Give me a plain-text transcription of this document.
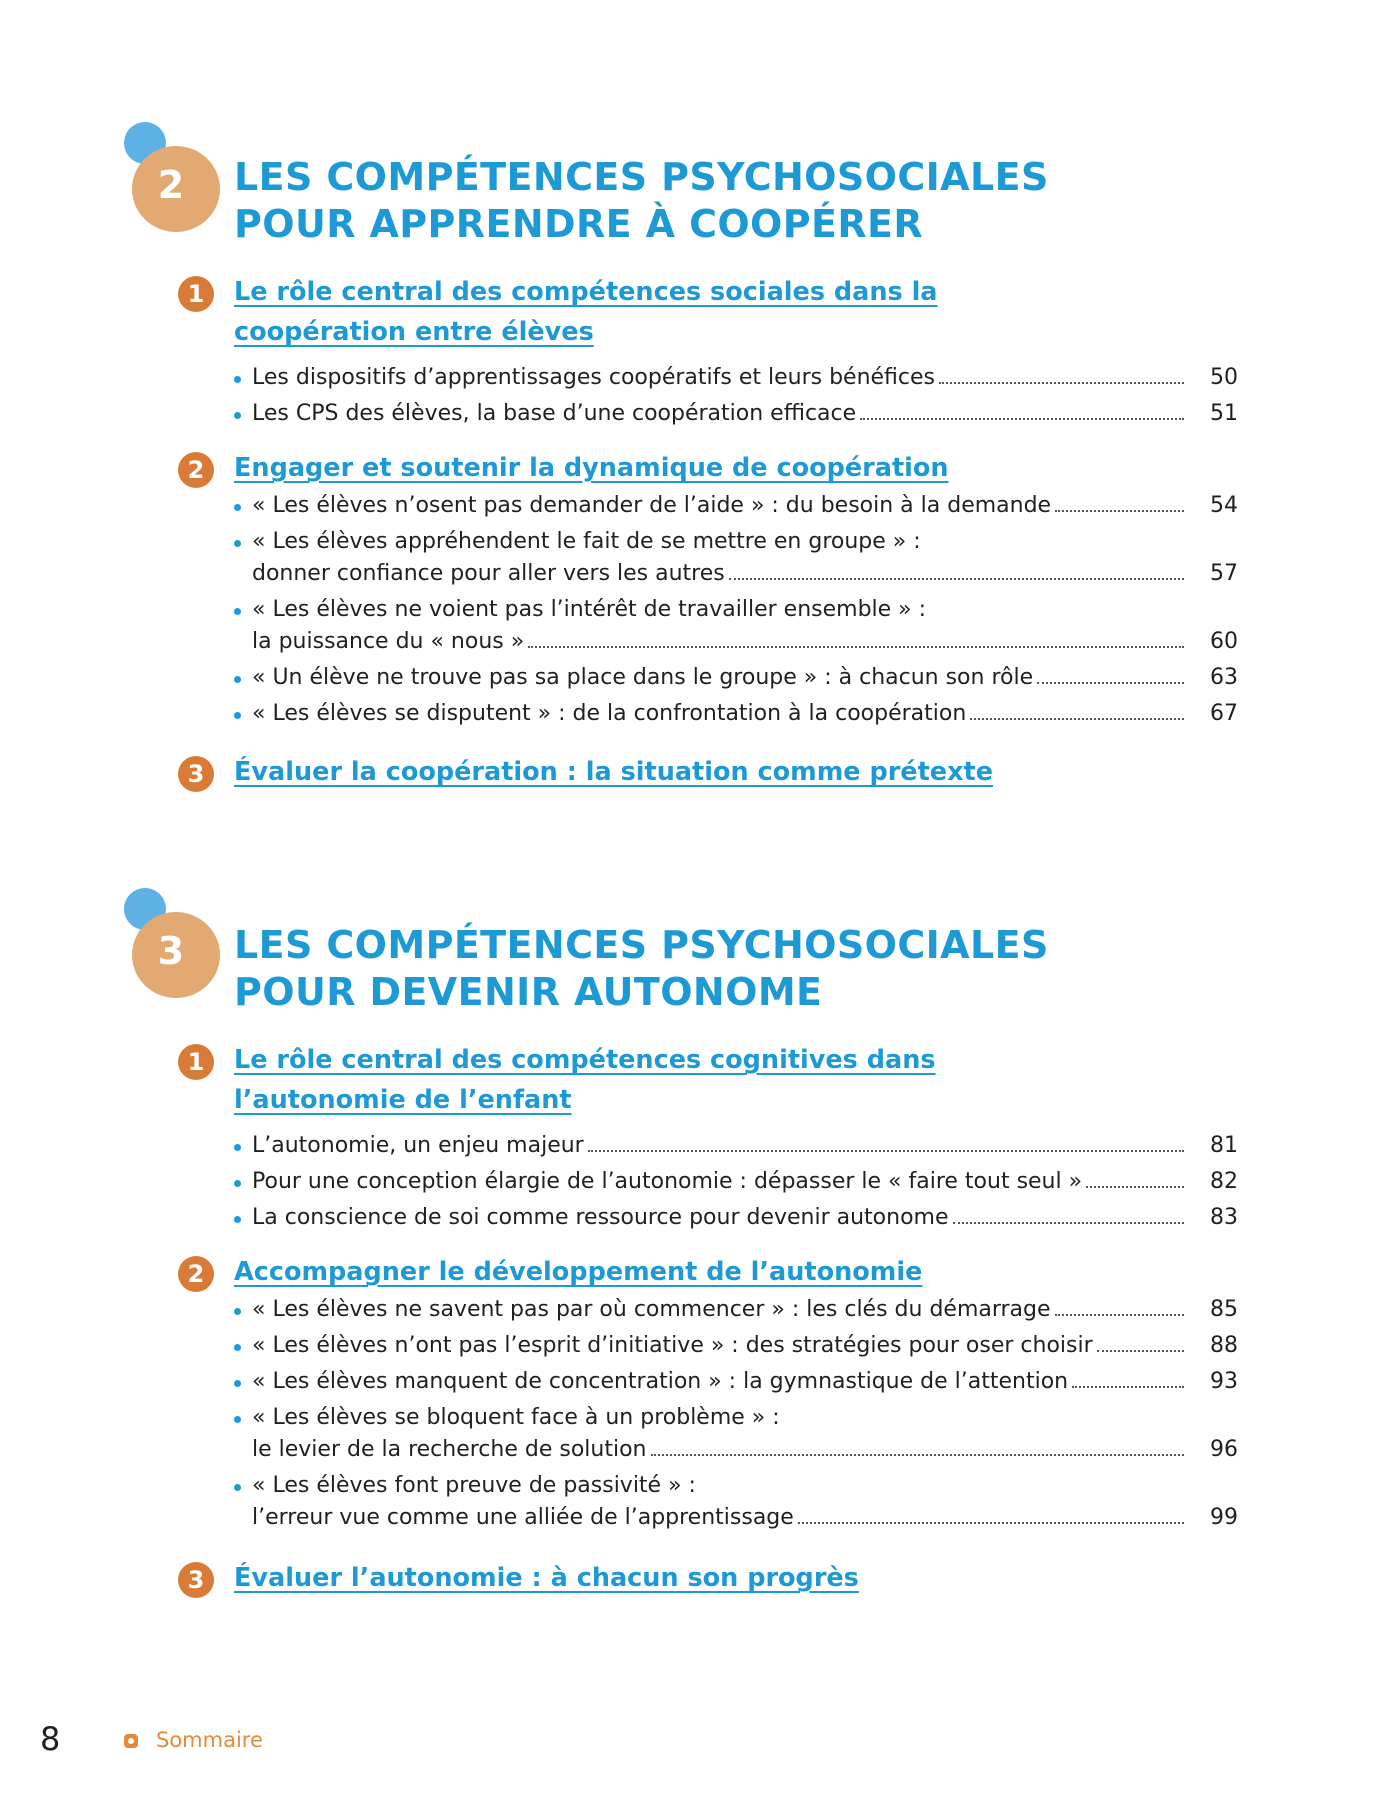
2	LES COMPÉTENCES PSYCHOSOCIALES
POUR APPRENDRE À COOPÉRER
1	Le rôle central des compétences sociales dans la coopération entre élèves
Les dispositifs d’apprentissages coopératifs et leurs bénéfices	50
Les CPS des élèves, la base d’une coopération efficace	51
2	Engager et soutenir la dynamique de coopération
« Les élèves n’osent pas demander de l’aide » : du besoin à la demande	54
« Les élèves appréhendent le fait de se mettre en groupe » :
donner confiance pour aller vers les autres	57
« Les élèves ne voient pas l’intérêt de travailler ensemble » :
la puissance du « nous »	60
« Un élève ne trouve pas sa place dans le groupe » : à chacun son rôle	63
« Les élèves se disputent » : de la confrontation à la coopération	67
3	Évaluer la coopération : la situation comme prétexte
3	LES COMPÉTENCES PSYCHOSOCIALES
POUR DEVENIR AUTONOME
1	Le rôle central des compétences cognitives dans l’autonomie de l’enfant
L’autonomie, un enjeu majeur	81
Pour une conception élargie de l’autonomie : dépasser le « faire tout seul »	82
La conscience de soi comme ressource pour devenir autonome	83
2	Accompagner le développement de l’autonomie
« Les élèves ne savent pas par où commencer » : les clés du démarrage	85
« Les élèves n’ont pas l’esprit d’initiative » : des stratégies pour oser choisir	88
« Les élèves manquent de concentration » : la gymnastique de l’attention	93
« Les élèves se bloquent face à un problème » :
le levier de la recherche de solution	96
« Les élèves font preuve de passivité » :
l’erreur vue comme une alliée de l’apprentissage	99
3	Évaluer l’autonomie : à chacun son progrès
8	Sommaire
